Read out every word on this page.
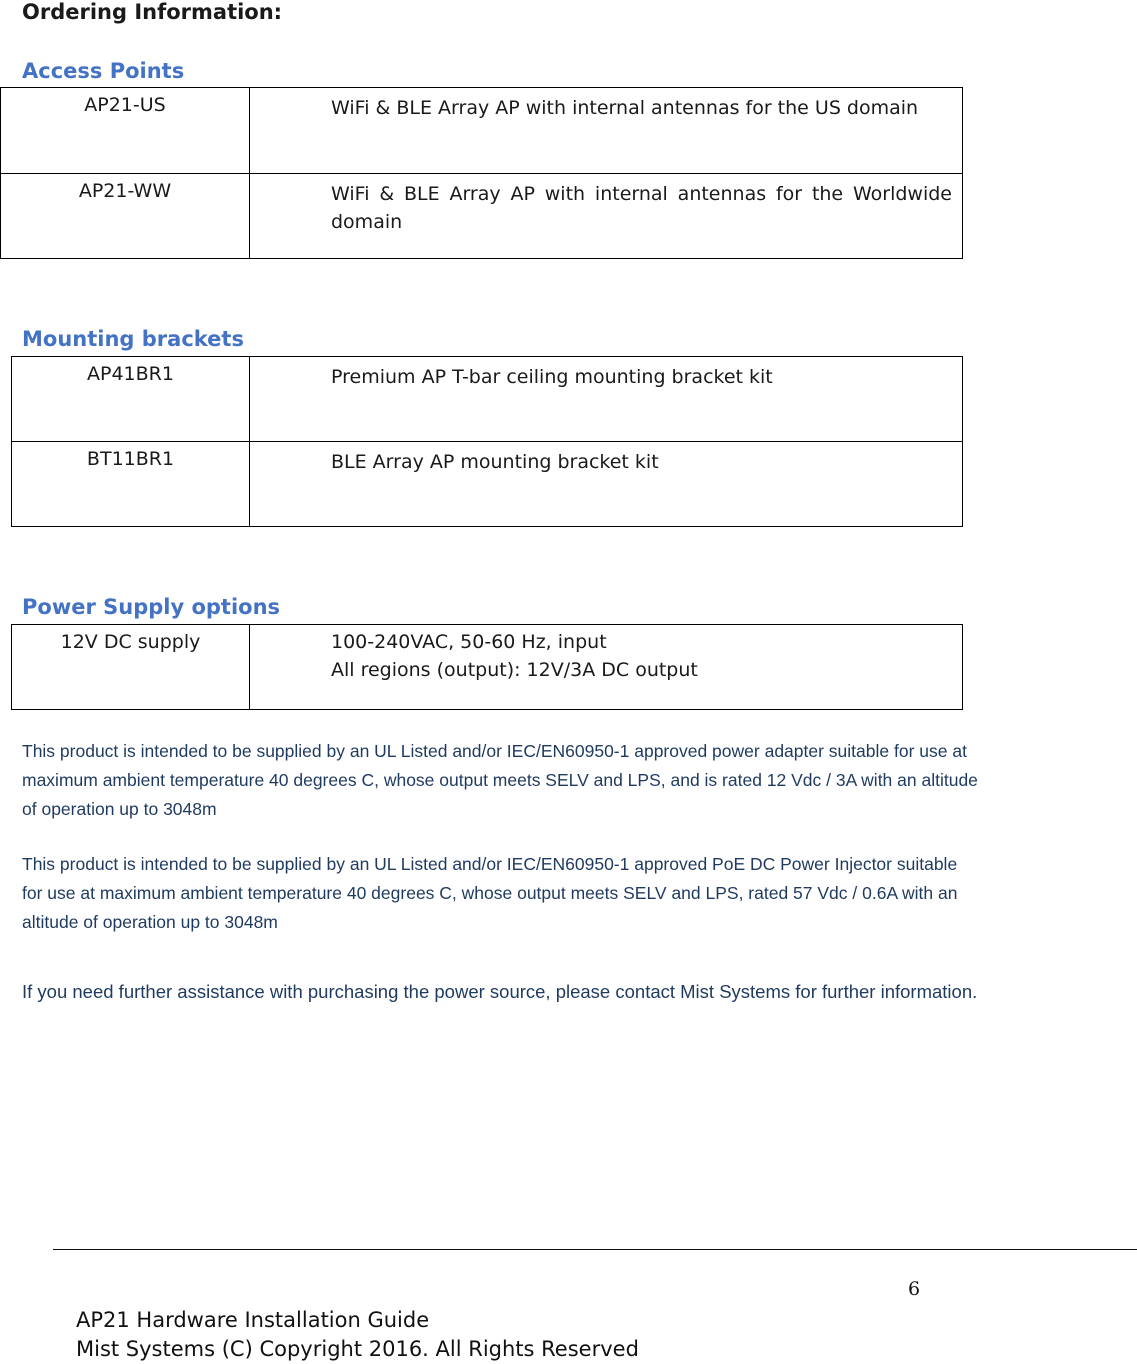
Ordering Information:
Access Points
AP21-US	WiFi & BLE Array AP with internal antennas for the US domain
AP21-WW	WiFi & BLE Array AP with internal antennas for the Worldwide domain
Mounting brackets
AP41BR1	Premium AP T-bar ceiling mounting bracket kit
BT11BR1	BLE Array AP mounting bracket kit
Power Supply options
12V DC supply	100-240VAC, 50-60 Hz, input
All regions (output): 12V/3A DC output

This product is intended to be supplied by an UL Listed and/or IEC/EN60950-1 approved power adapter suitable for use at maximum ambient temperature 40 degrees C, whose output meets SELV and LPS, and is rated 12 Vdc / 3A with an altitude of operation up to 3048m

This product is intended to be supplied by an UL Listed and/or IEC/EN60950-1 approved PoE DC Power Injector suitable for use at maximum ambient temperature 40 degrees C, whose output meets SELV and LPS, rated 57 Vdc / 0.6A with an altitude of operation up to 3048m

If you need further assistance with purchasing the power source, please contact Mist Systems for further information.

6
AP21 Hardware Installation Guide
Mist Systems (C) Copyright 2016. All Rights Reserved
